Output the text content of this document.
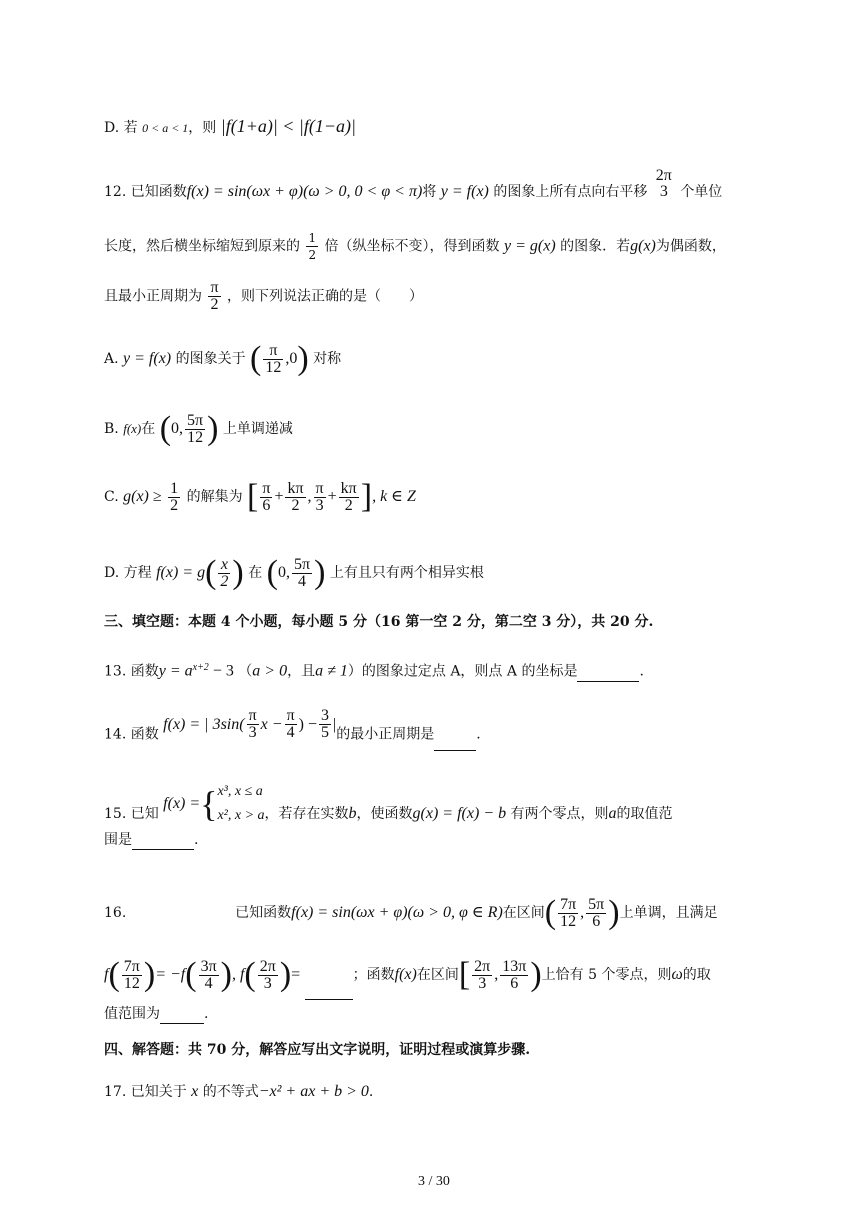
D. 若 0 < a < 1，则 |f(1+a)| < |f(1−a)|
12. 已知函数f(x) = sin(ωx + φ)(ω > 0, 0 < φ < π)将 y = f(x) 的图象上所有点向右平移
2π
3 个单位
长度，然后横坐标缩短到原来的 $\frac{1}{2}$ 倍（纵坐标不变），得到函数 y = g(x) 的图象．若g(x)为偶函数，
且最小正周期为 $\frac{\pi}{2}$ ，则下列说法正确的是（　　）
A. y = f(x) 的图象关于 ( $\frac{\pi}{12} ,0$) 对称
B. f(x)在 (0, $\frac{5\pi}{12}$ ) 上单调递减
C. $g(x) \ge \frac{1}{2}$ 的解集为 [ $\frac{\pi}{6} + \frac{k\pi}{2}$ , $\frac{\pi}{3} + \frac{k\pi}{2}$ ], k ∈ Z
D. 方程 $f(x) = g( \frac{x}{2}$ ) 在 (0, $\frac{5\pi}{4}$ ) 上有且只有两个相异实根
三、填空题：本题 4 个小题，每小题 5 分（16 第一空 2 分，第二空 3 分），共 20 分.
13. 函数$y = a^{x+2} - 3$ （a > 0，且a ≠ 1）的图象过定点 A，则点 A 的坐标是	.
14. 函数 f(x) = | $3\sin( \frac{\pi}{3}$ $x - \frac{\pi}{4}$ ) − $\frac{3}{5}$ |的最小正周期是	.
15. 已知 f(x) ={ x³, x ≤ a
x², x > a ，若存在实数b，使函数g(x) = f(x) − b 有两个零点，则a的取值范
围是	.
16.	已知函数f(x) = sin(ωx + φ)(ω > 0, φ ∈ R)在区间( $\frac{7\pi}{12}$ , $\frac{5\pi}{6}$ )上单调，且满足
$f( \frac{7\pi}{12}$ )= $-f( \frac{3\pi}{4}$ ), $f( \frac{2\pi}{3}$ )=	；函数f(x)在区间[ $\frac{2\pi}{3}$ , $\frac{13\pi}{6}$ )上恰有 5 个零点，则ω的取
值范围为	.
四、解答题：共 70 分，解答应写出文字说明，证明过程或演算步骤.
17. 已知关于 x 的不等式−x² + ax + b > 0.
3 / 30
